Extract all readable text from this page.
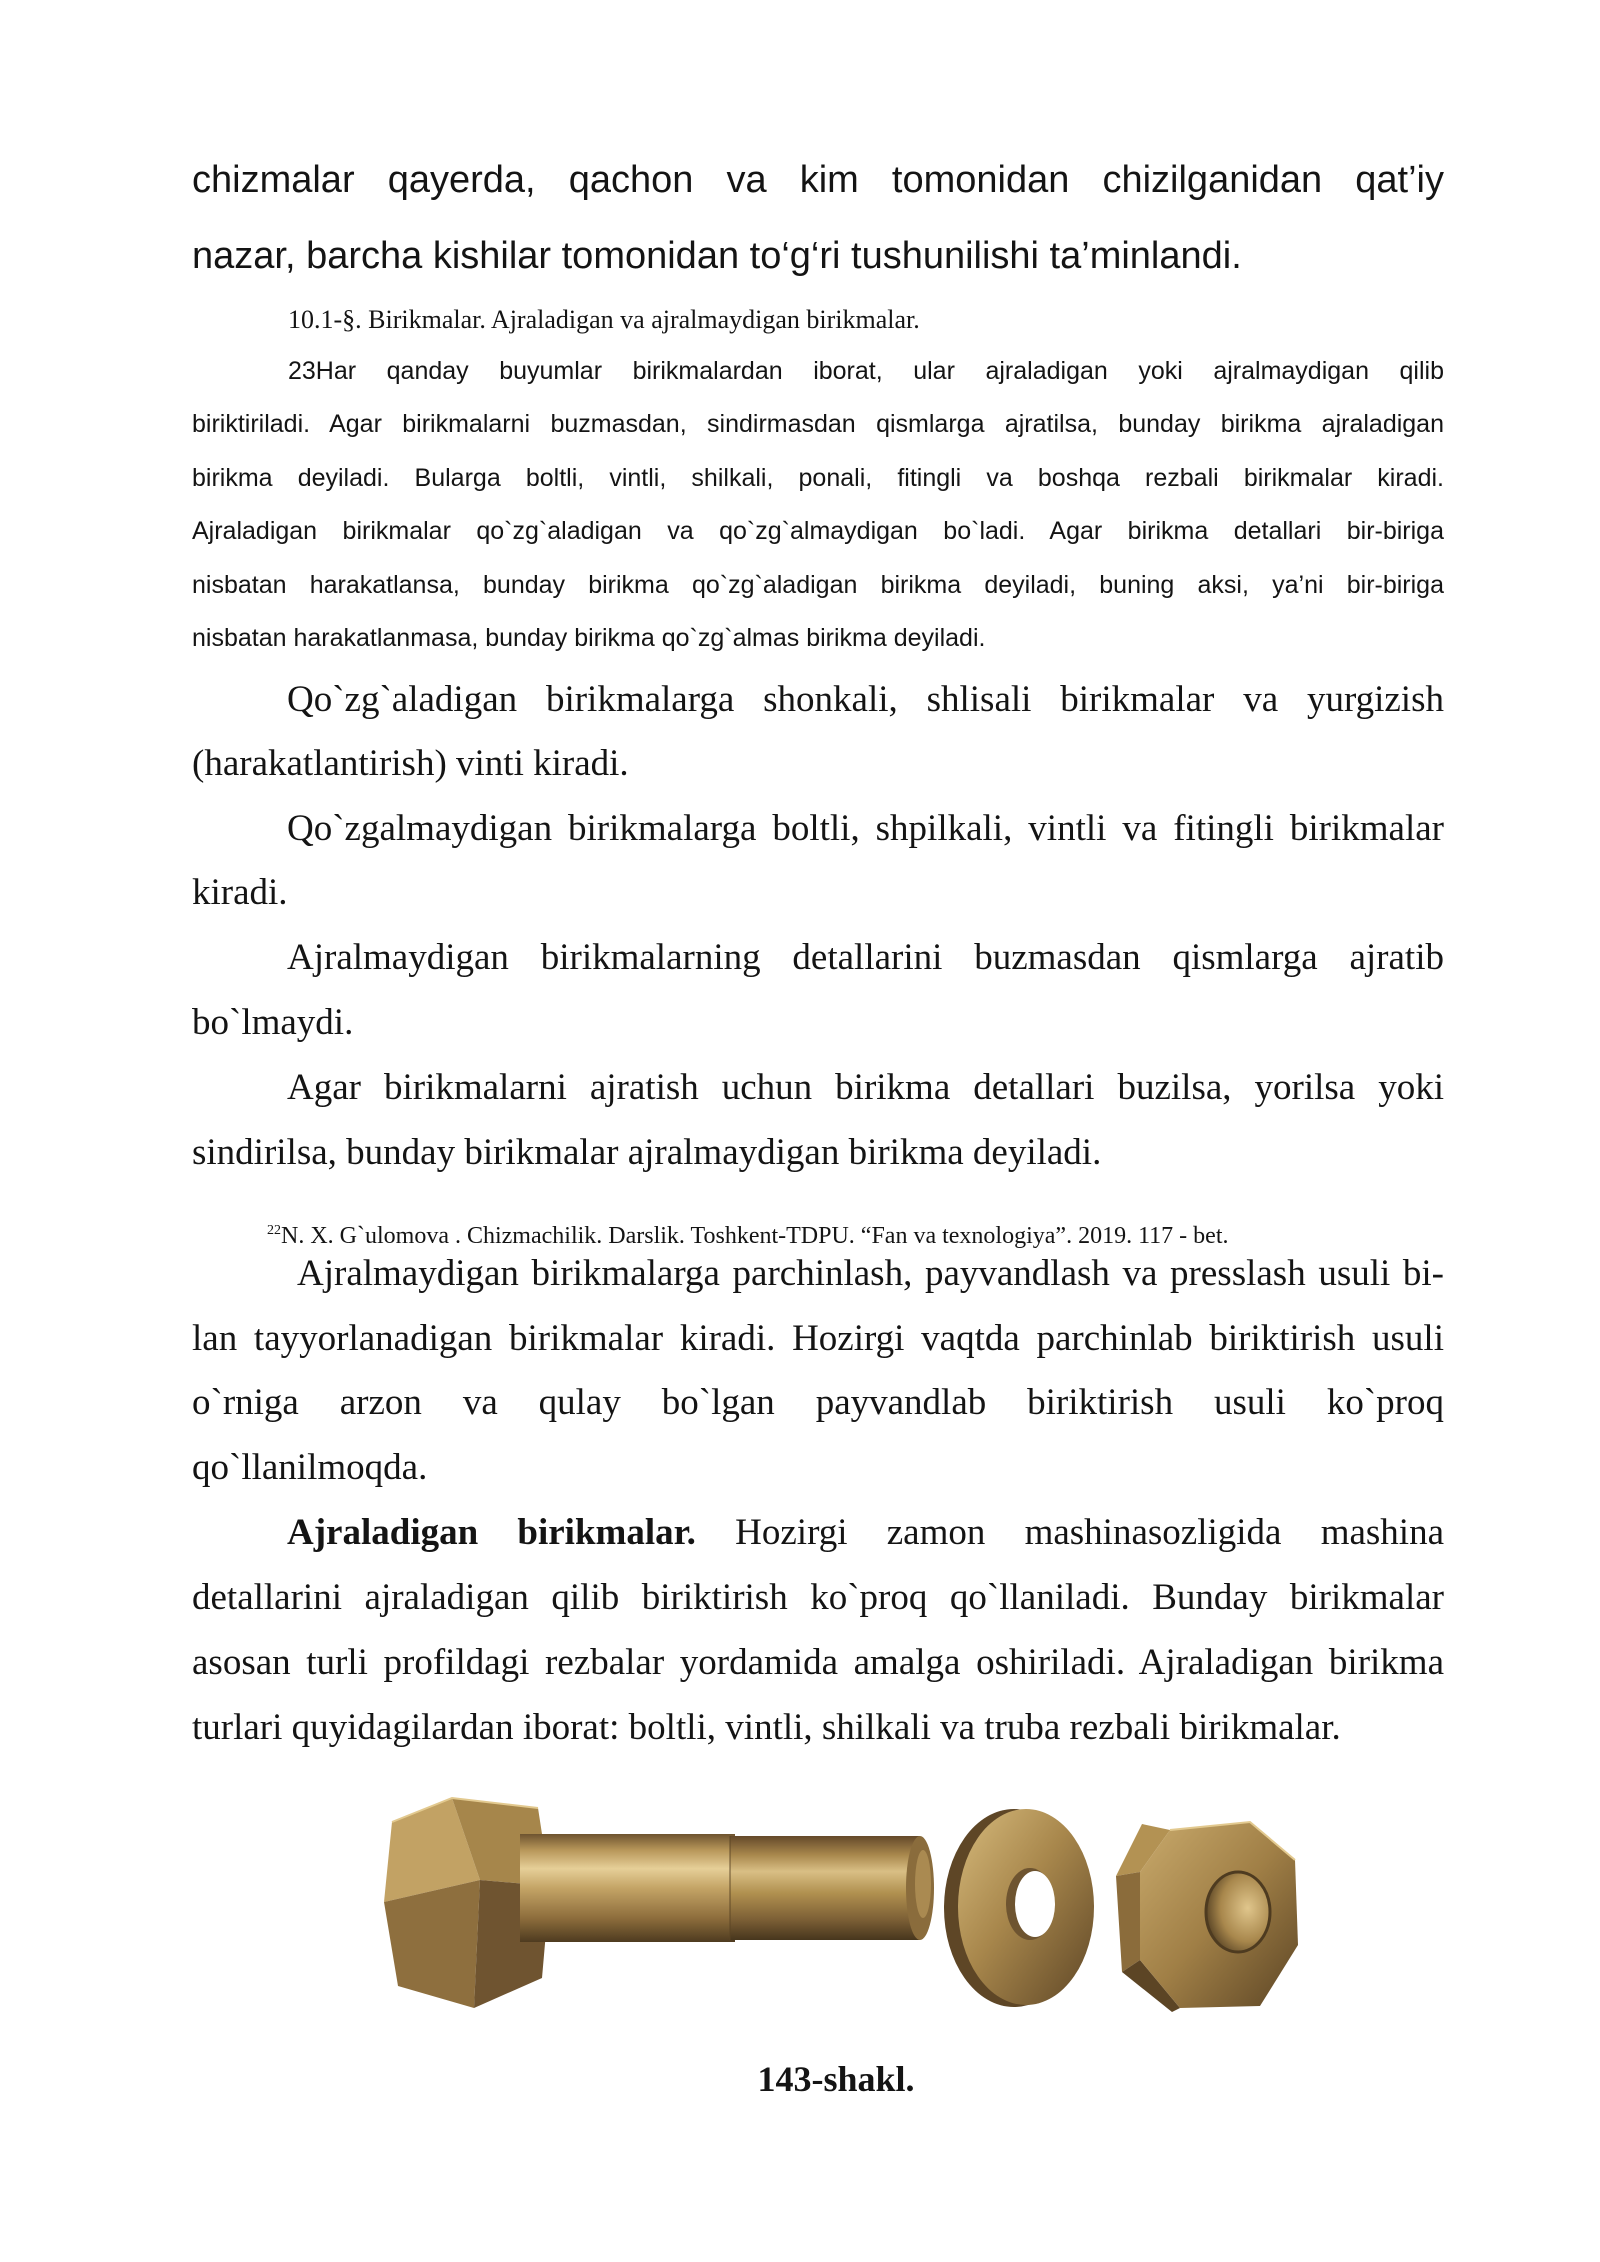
chizmalar qayerda, qachon va kim tomonidan chizilganidan qat’iy
nazar, barcha kishilar tomonidan to‘g‘ri tushunilishi ta’minlandi.
10.1-§. Birikmalar. Ajraladigan va ajralmaydigan birikmalar.
23Har qanday buyumlar birikmalardan iborat, ular ajraladigan yoki ajralmaydigan qilib
biriktiriladi. Agar birikmalarni buzmasdan, sindirmasdan qismlarga ajratilsa, bunday birikma ajraladigan
birikma deyiladi. Bularga boltli, vintli, shilkali, ponali, fitingli va boshqa rezbali birikmalar kiradi.
Ajraladigan birikmalar qo`zg`aladigan va qo`zg`almaydigan bo`ladi. Agar birikma detallari bir-biriga
nisbatan harakatlansa, bunday birikma qo`zg`aladigan birikma deyiladi, buning aksi, ya’ni bir-biriga
nisbatan harakatlanmasa, bunday birikma qo`zg`almas birikma deyiladi.
Qo`zg`aladigan birikmalarga shonkali, shlisali birikmalar va yurgizish
(harakatlantirish) vinti kiradi.
Qo`zgalmaydigan birikmalarga boltli, shpilkali, vintli va fitingli birikmalar
kiradi.
Ajralmaydigan birikmalarning detallarini buzmasdan qismlarga ajratib
bo`lmaydi.
Agar birikmalarni ajratish uchun birikma detallari buzilsa, yorilsa yoki
sindirilsa, bunday birikmalar ajralmaydigan birikma deyiladi.
$^{22}$N. X. G`ulomova . Chizmachilik. Darslik. Toshkent-TDPU. “Fan va texnologiya”. 2019. 117 - bet.
Ajralmaydigan birikmalarga parchinlash, payvandlash va presslash usuli bi-
lan tayyorlanadigan birikmalar kiradi. Hozirgi vaqtda parchinlab biriktirish usuli
o`rniga arzon va qulay bo`lgan payvandlab biriktirish usuli ko`proq
qo`llanilmoqda.
Ajraladigan birikmalar. Hozirgi zamon mashinasozligida mashina
detallarini ajraladigan qilib biriktirish ko`proq qo`llaniladi. Bunday birikmalar
asosan turli profildagi rezbalar yordamida amalga oshiriladi. Ajraladigan birikma
turlari quyidagilardan iborat: boltli, vintli, shilkali va truba rezbali birikmalar.
143-shakl.
